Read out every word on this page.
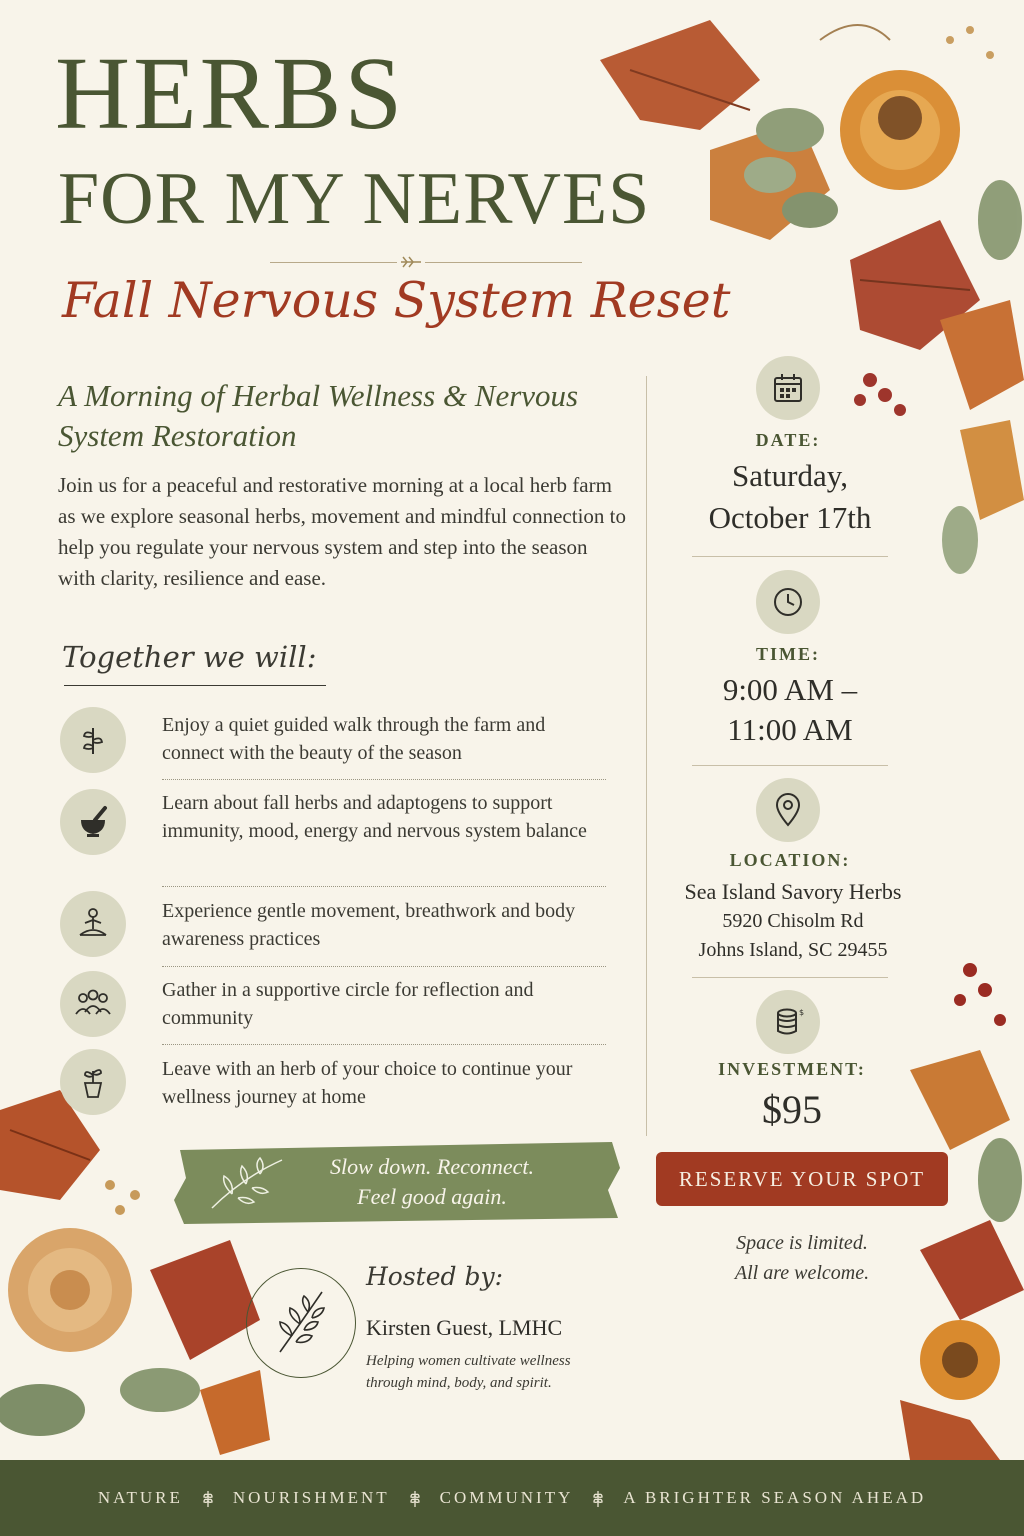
HERBS
FOR MY NERVES
Fall Nervous System Reset
A Morning of Herbal Wellness & Nervous System Restoration
Join us for a peaceful and restorative morning at a local herb farm as we explore seasonal herbs, movement and mindful connection to help you regulate your nervous system and step into the season with clarity, resilience and ease.
Together we will:
Enjoy a quiet guided walk through the farm and connect with the beauty of the season
Learn about fall herbs and adaptogens to support immunity, mood, energy and nervous system balance
Experience gentle movement, breathwork and body awareness practices
Gather in a supportive circle for reflection and community
Leave with an herb of your choice to continue your wellness journey at home
DATE:
Saturday,
October 17th
TIME:
9:00 AM –
11:00 AM
LOCATION:
Sea Island Savory Herbs
5920 Chisolm Rd
Johns Island, SC 29455
$
INVESTMENT:
$95
RESERVE YOUR SPOT
Space is limited.
All are welcome.
Slow down. Reconnect.
Feel good again.
Hosted by:
Kirsten Guest, LMHC
Helping women cultivate wellness
through mind, body, and spirit.
NATURE	NOURISHMENT	COMMUNITY	A BRIGHTER SEASON AHEAD
